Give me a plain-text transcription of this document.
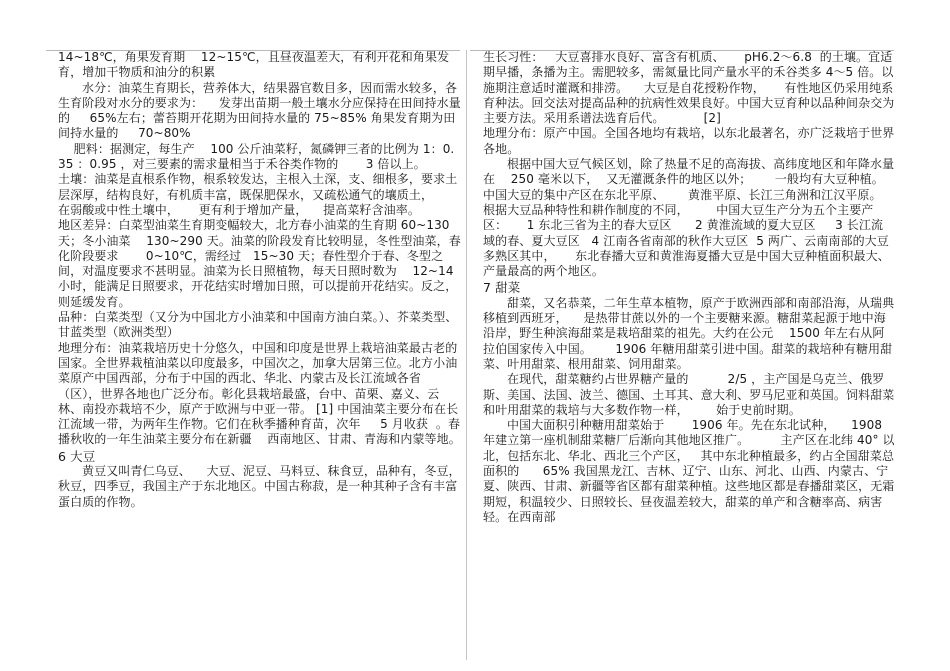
14~18℃，角果发育期    12~15℃，且昼夜温差大，有利开花和角果发育，增加干物质和油分的积累

水分：油菜生育期长，营养体大，结果器官数目多，因而需水较多，各生育阶段对水分的要求为：    发芽出苗期一般土壤水分应保持在田间持水量的     65%左右；蕾苔期开花期为田间持水量的 75~85% 角果发育期为田间持水量的     70~80%

肥料：据测定，每生产    100 公斤油菜籽，氮磷钾三者的比例为 1：0.35 ：0.95 ，对三要素的需求量相当于禾谷类作物的       3 倍以上。

土壤：油菜是直根系作物，根系较发达，主根入土深，支、细根多，要求土层深厚，结构良好，有机质丰富，既保肥保水，又疏松通气的壤质土，     在弱酸或中性土壤中，     更有利于增加产量，    提高菜籽含油率。

地区差异：白菜型油菜生育期变幅较大，北方春小油菜的生育期 60~130 天；冬小油菜    130~290 天。油菜的阶段发育比较明显，冬性型油菜，春化阶段要求       0~10℃，需经过   15~30 天；春性型介于春、冬型之间，对温度要求不甚明显。油菜为长日照植物，每天日照时数为    12~14 小时，能满足日照要求，开花结实时增加日照，可以提前开花结实。反之，则延缓发育。

品种：白菜类型（又分为中国北方小油菜和中国南方油白菜。）、芥菜类型、甘蓝类型（欧洲类型）

地理分布：油菜栽培历史十分悠久，中国和印度是世界上栽培油菜最古老的国家。全世界栽植油菜以印度最多，中国次之，加拿大居第三位。北方小油菜原产中国西部，分布于中国的西北、华北、内蒙古及长江流域各省（区），世界各地也广泛分布。彰化县栽培最盛，台中、苗栗、嘉义、云林、南投亦栽培不少，原产于欧洲与中亚一带。 [1] 中国油菜主要分布在长江流域一带，为两年生作物。它们在秋季播种育苗，次年     5 月收获  。春播秋收的一年生油菜主要分布在新疆    西南地区、甘肃、青海和内蒙等地。

6 大豆

黄豆又叫青仁乌豆、    大豆、泥豆、马料豆、秣食豆，品种有，冬豆，秋豆，四季豆，我国主产于东北地区。中国古称菽，是一种其种子含有丰富蛋白质的作物。

生长习性：   大豆喜排水良好、富含有机质、     pH6.2～6.8  的土壤。宜适期早播，条播为主。需肥较多，需氮量比同产量水平的禾谷类多 4～5 倍。以施期注意适时灌溉和排涝。    大豆是自花授粉作物，     有性地区仍采用纯系育种法。回交法对提高品种的抗病性效果良好。中国大豆育种以品种间杂交为主要方法。采用系谱法选育后代。          [2]

地理分布：原产中国。全国各地均有栽培，以东北最著名，亦广泛栽培于世界各地。

根据中国大豆气候区划，除了热量不足的高海拔、高纬度地区和年降水量在    250 毫米以下，  又无灌溉条件的地区以外；      一般均有大豆种植。 中国大豆的集中产区在东北平原、      黄淮平原、长江三角洲和江汉平原。    根据大豆品种特性和耕作制度的不同，       中国大豆生产分为五个主要产区：     1 东北三省为主的春大豆区      2 黄淮流域的夏大豆区     3 长江流域的春、夏大豆区   4 江南各省南部的秋作大豆区  5 两广、云南南部的大豆多熟区其中，     东北春播大豆和黄淮海夏播大豆是中国大豆种植面积最大、        产量最高的两个地区。

7 甜菜

甜菜，又名恭菜，二年生草本植物，原产于欧洲西部和南部沿海，从瑞典移植到西班牙，    是热带甘蔗以外的一个主要糖来源。糖甜菜起源于地中海沿岸，野生种滨海甜菜是栽培甜菜的祖先。大约在公元    1500 年左右从阿拉伯国家传入中国。      1906 年糖用甜菜引进中国。甜菜的栽培种有糖用甜菜、叶用甜菜、根用甜菜、饲用甜菜。

在现代，甜菜糖约占世界糖产量的          2/5 ，主产国是乌克兰、俄罗斯、美国、法国、波兰、德国、土耳其、意大利、罗马尼亚和英国。饲料甜菜和叶用甜菜的栽培与大多数作物一样，       始于史前时期。

中国大面积引种糖用甜菜始于       1906 年。先在东北试种，    1908 年建立第一座机制甜菜糖厂后渐向其他地区推广。        主产区在北纬 40° 以北，包括东北、华北、西北三个产区，   其中东北种植最多，约占全国甜菜总面积的      65% 我国黑龙江、吉林、辽宁、山东、河北、山西、内蒙古、宁夏、陕西、甘肃、新疆等省区都有甜菜种植。这些地区都是春播甜菜区，无霜期短，积温较少、日照较长、昼夜温差较大，甜菜的单产和含糖率高、病害轻。在西南部
